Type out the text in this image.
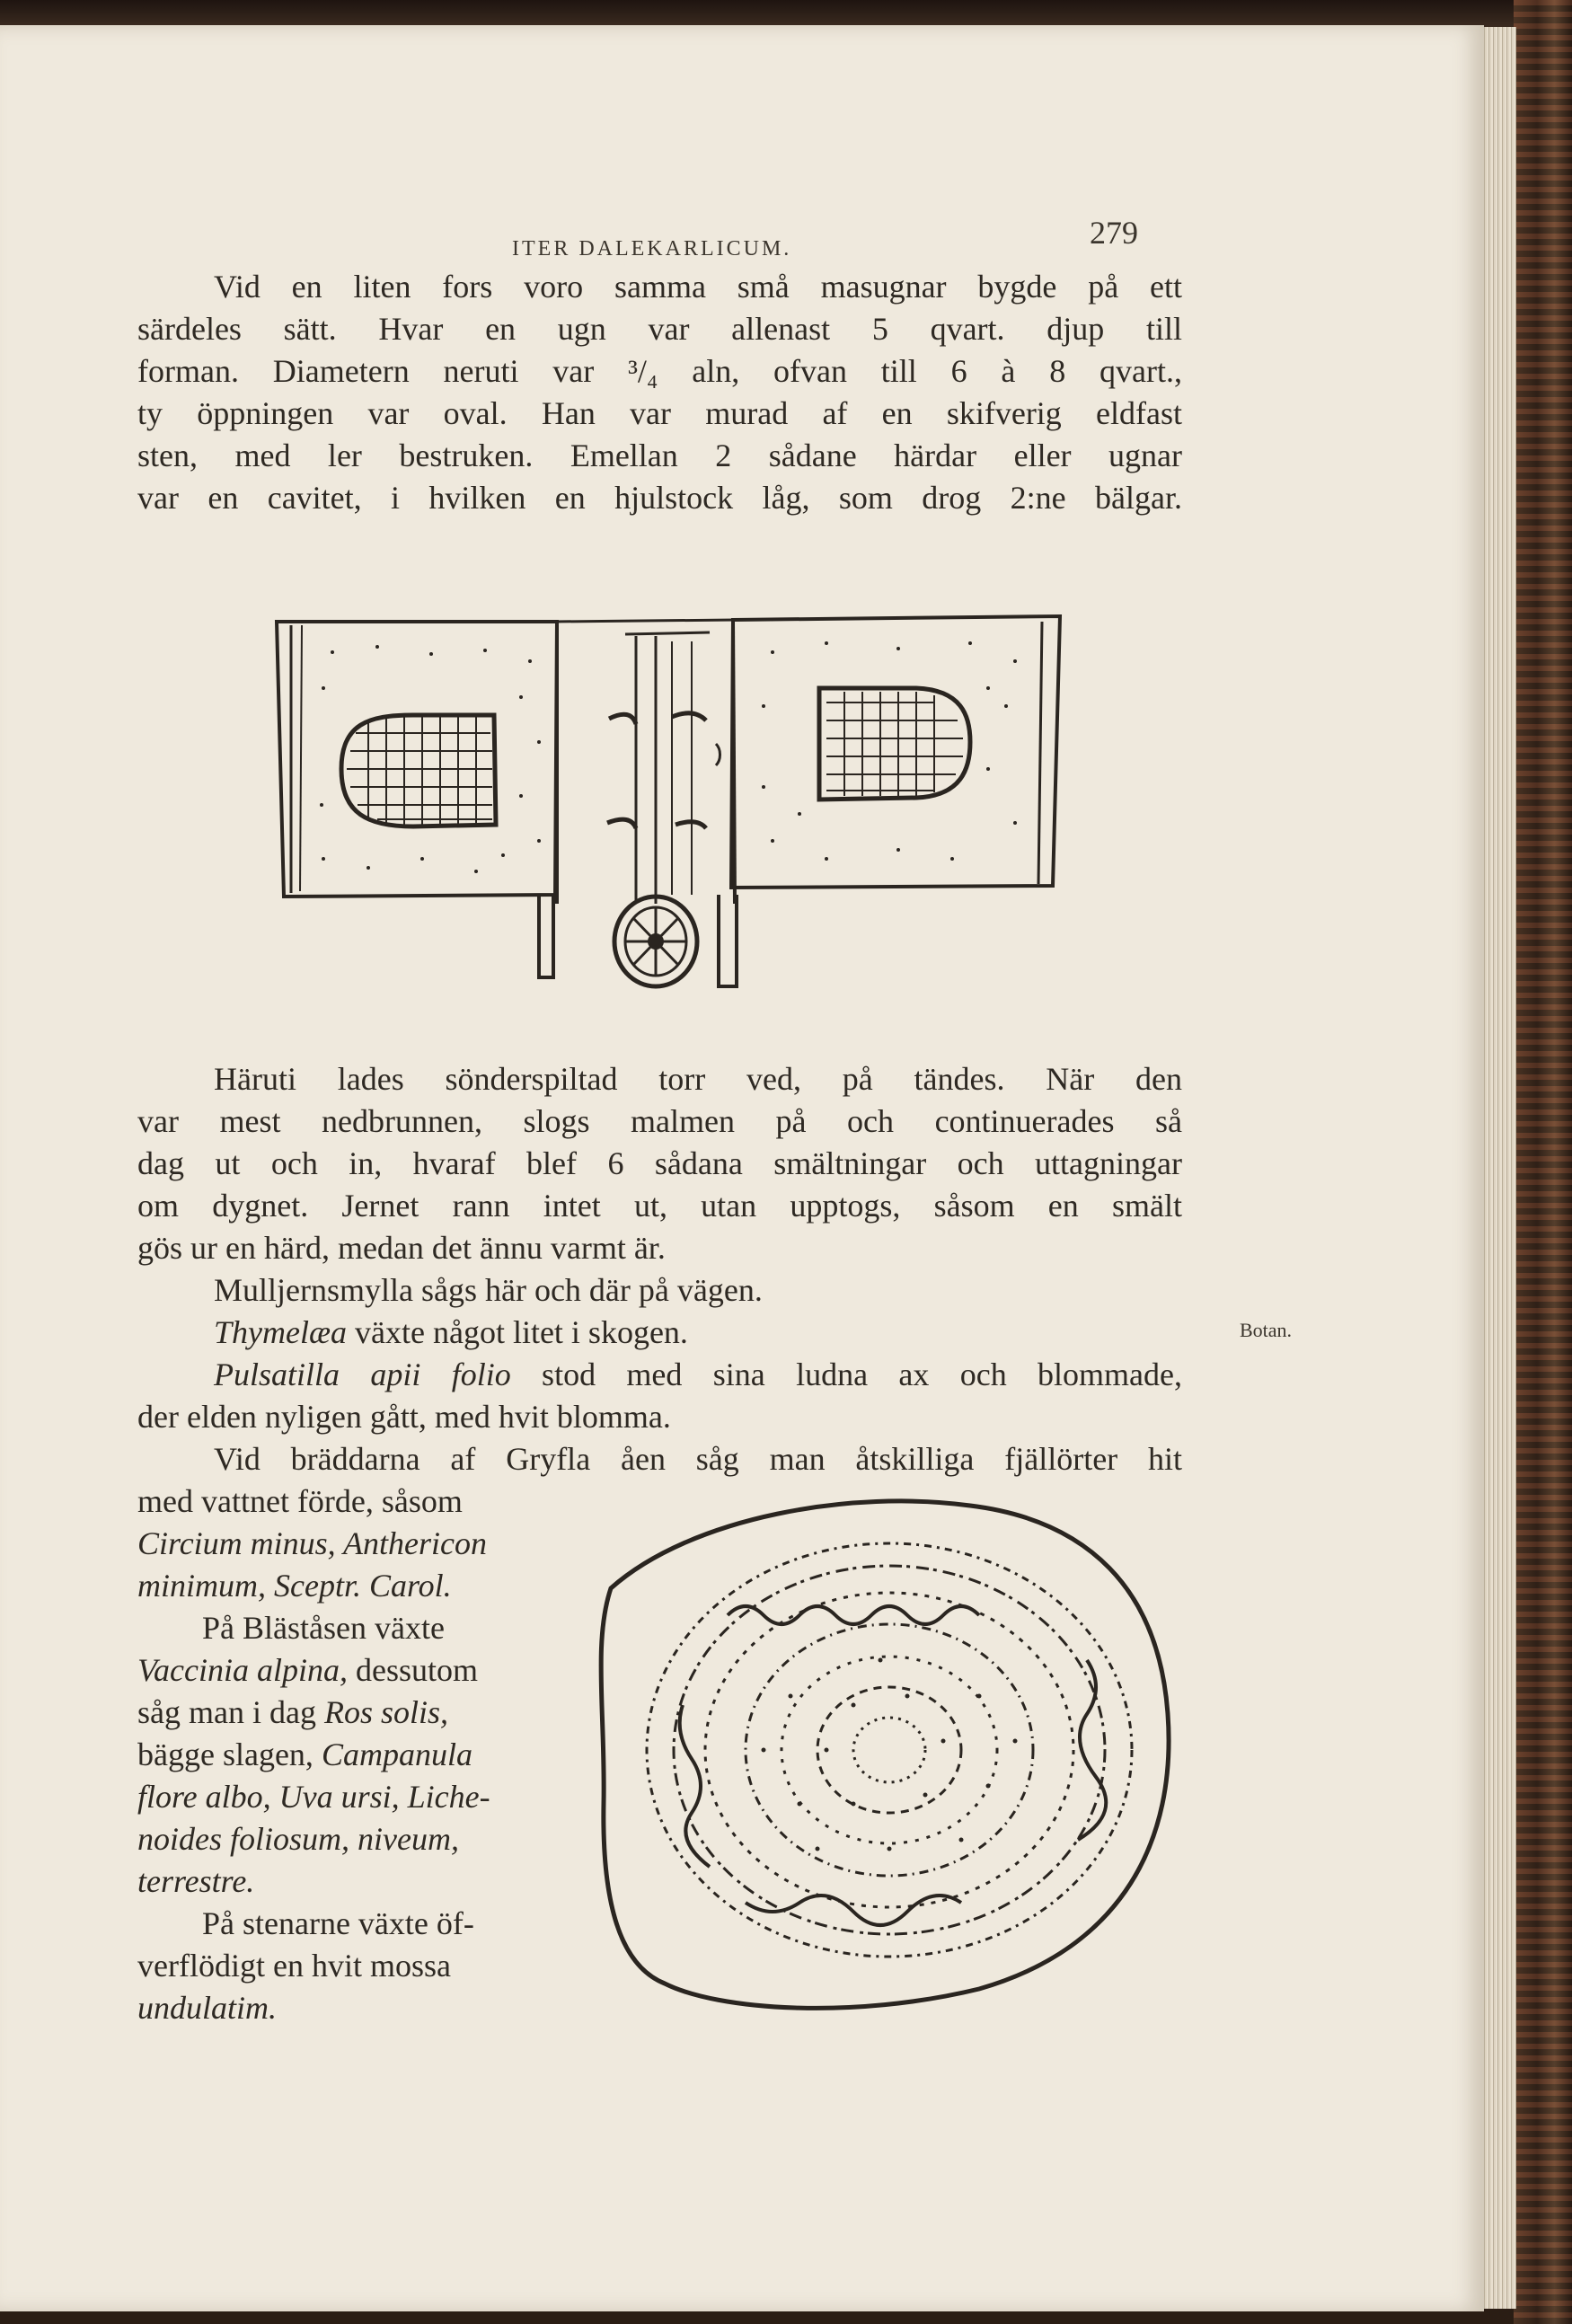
ITER DALEKARLICUM.	279
Vid en liten fors voro samma små masugnar bygde på ett
särdeles sätt. Hvar en ugn var allenast 5 qvart. djup till
forman. Diametern neruti var ³/₄ aln, ofvan till 6 à 8 qvart.,
ty öppningen var oval. Han var murad af en skifverig eldfast
sten, med ler bestruken. Emellan 2 sådane härdar eller ugnar
var en cavitet, i hvilken en hjulstock låg, som drog 2:ne bälgar.
Häruti lades sönderspiltad torr ved, på tändes. När den
var mest nedbrunnen, slogs malmen på och continuerades så
dag ut och in, hvaraf blef 6 sådana smältningar och uttagningar
om dygnet. Jernet rann intet ut, utan upptogs, såsom en smält
gös ur en härd, medan det ännu varmt är.
Mulljernsmylla sågs här och där på vägen.
Thymelæa växte något litet i skogen.	Botan.
Pulsatilla apii folio stod med sina ludna ax och blommade,
der elden nyligen gått, med hvit blomma.
Vid bräddarna af Gryfla åen såg man åtskilliga fjällörter hit
med vattnet förde, såsom
Circium minus, Anthericon
minimum, Sceptr. Carol.
På Bläståsen växte
Vaccinia alpina, dessutom
såg man i dag Ros solis,
bägge slagen, Campanula
flore albo, Uva ursi, Liche-
noides foliosum, niveum,
terrestre.
På stenarne växte öf-
verflödigt en hvit mossa
undulatim.
